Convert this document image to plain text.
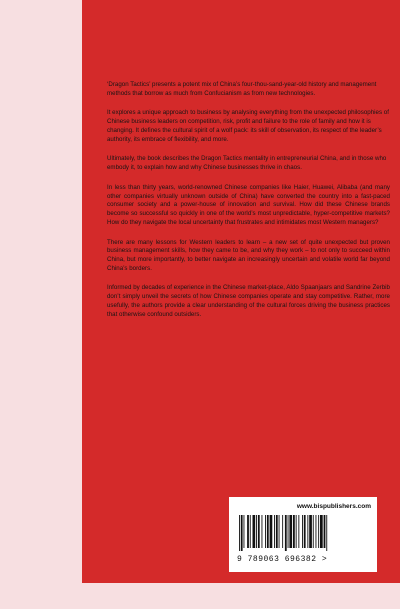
‘Dragon Tactics’ presents a potent mix of China’s four-thou-sand-year-old history and management methods that borrow as much from Confucianism as from new technologies.

It explores a unique approach to business by analysing everything from the unexpected philosophies of Chinese business leaders on competition, risk, profit and failure to the role of family and how it is changing. It defines the cultural spirit of a wolf pack: its skill of observation, its respect of the leader’s authority, its embrace of flexibility, and more.

Ultimately, the book describes the Dragon Tactics mentality in entrepreneurial China, and in those who embody it, to explain how and why Chinese businesses thrive in chaos.

In less than thirty years, world-renowned Chinese companies like Haier, Huawei, Alibaba (and many other companies virtually unknown outside of China) have converted the country into a fast-paced consumer society and a power-house of innovation and survival. How did these Chinese brands become so successful so quickly in one of the world’s most unpredictable, hyper-competitive markets? How do they navigate the local uncertainty that frustrates and intimidates most Western managers?

There are many lessons for Western leaders to learn – a new set of quite unexpected but proven business management skills, how they came to be, and why they work – to not only to succeed within China, but more importantly, to better navigate an increasingly uncertain and volatile world far beyond China’s borders.

Informed by decades of experience in the Chinese market-place, Aldo Spaanjaars and Sandrine Zerbib don’t simply unveil the secrets of how Chinese companies operate and stay competitive. Rather, more usefully, the authors provide a clear understanding of the cultural forces driving the business practices that otherwise confound outsiders.

www.bispublishers.com
9 789063 696382 >
